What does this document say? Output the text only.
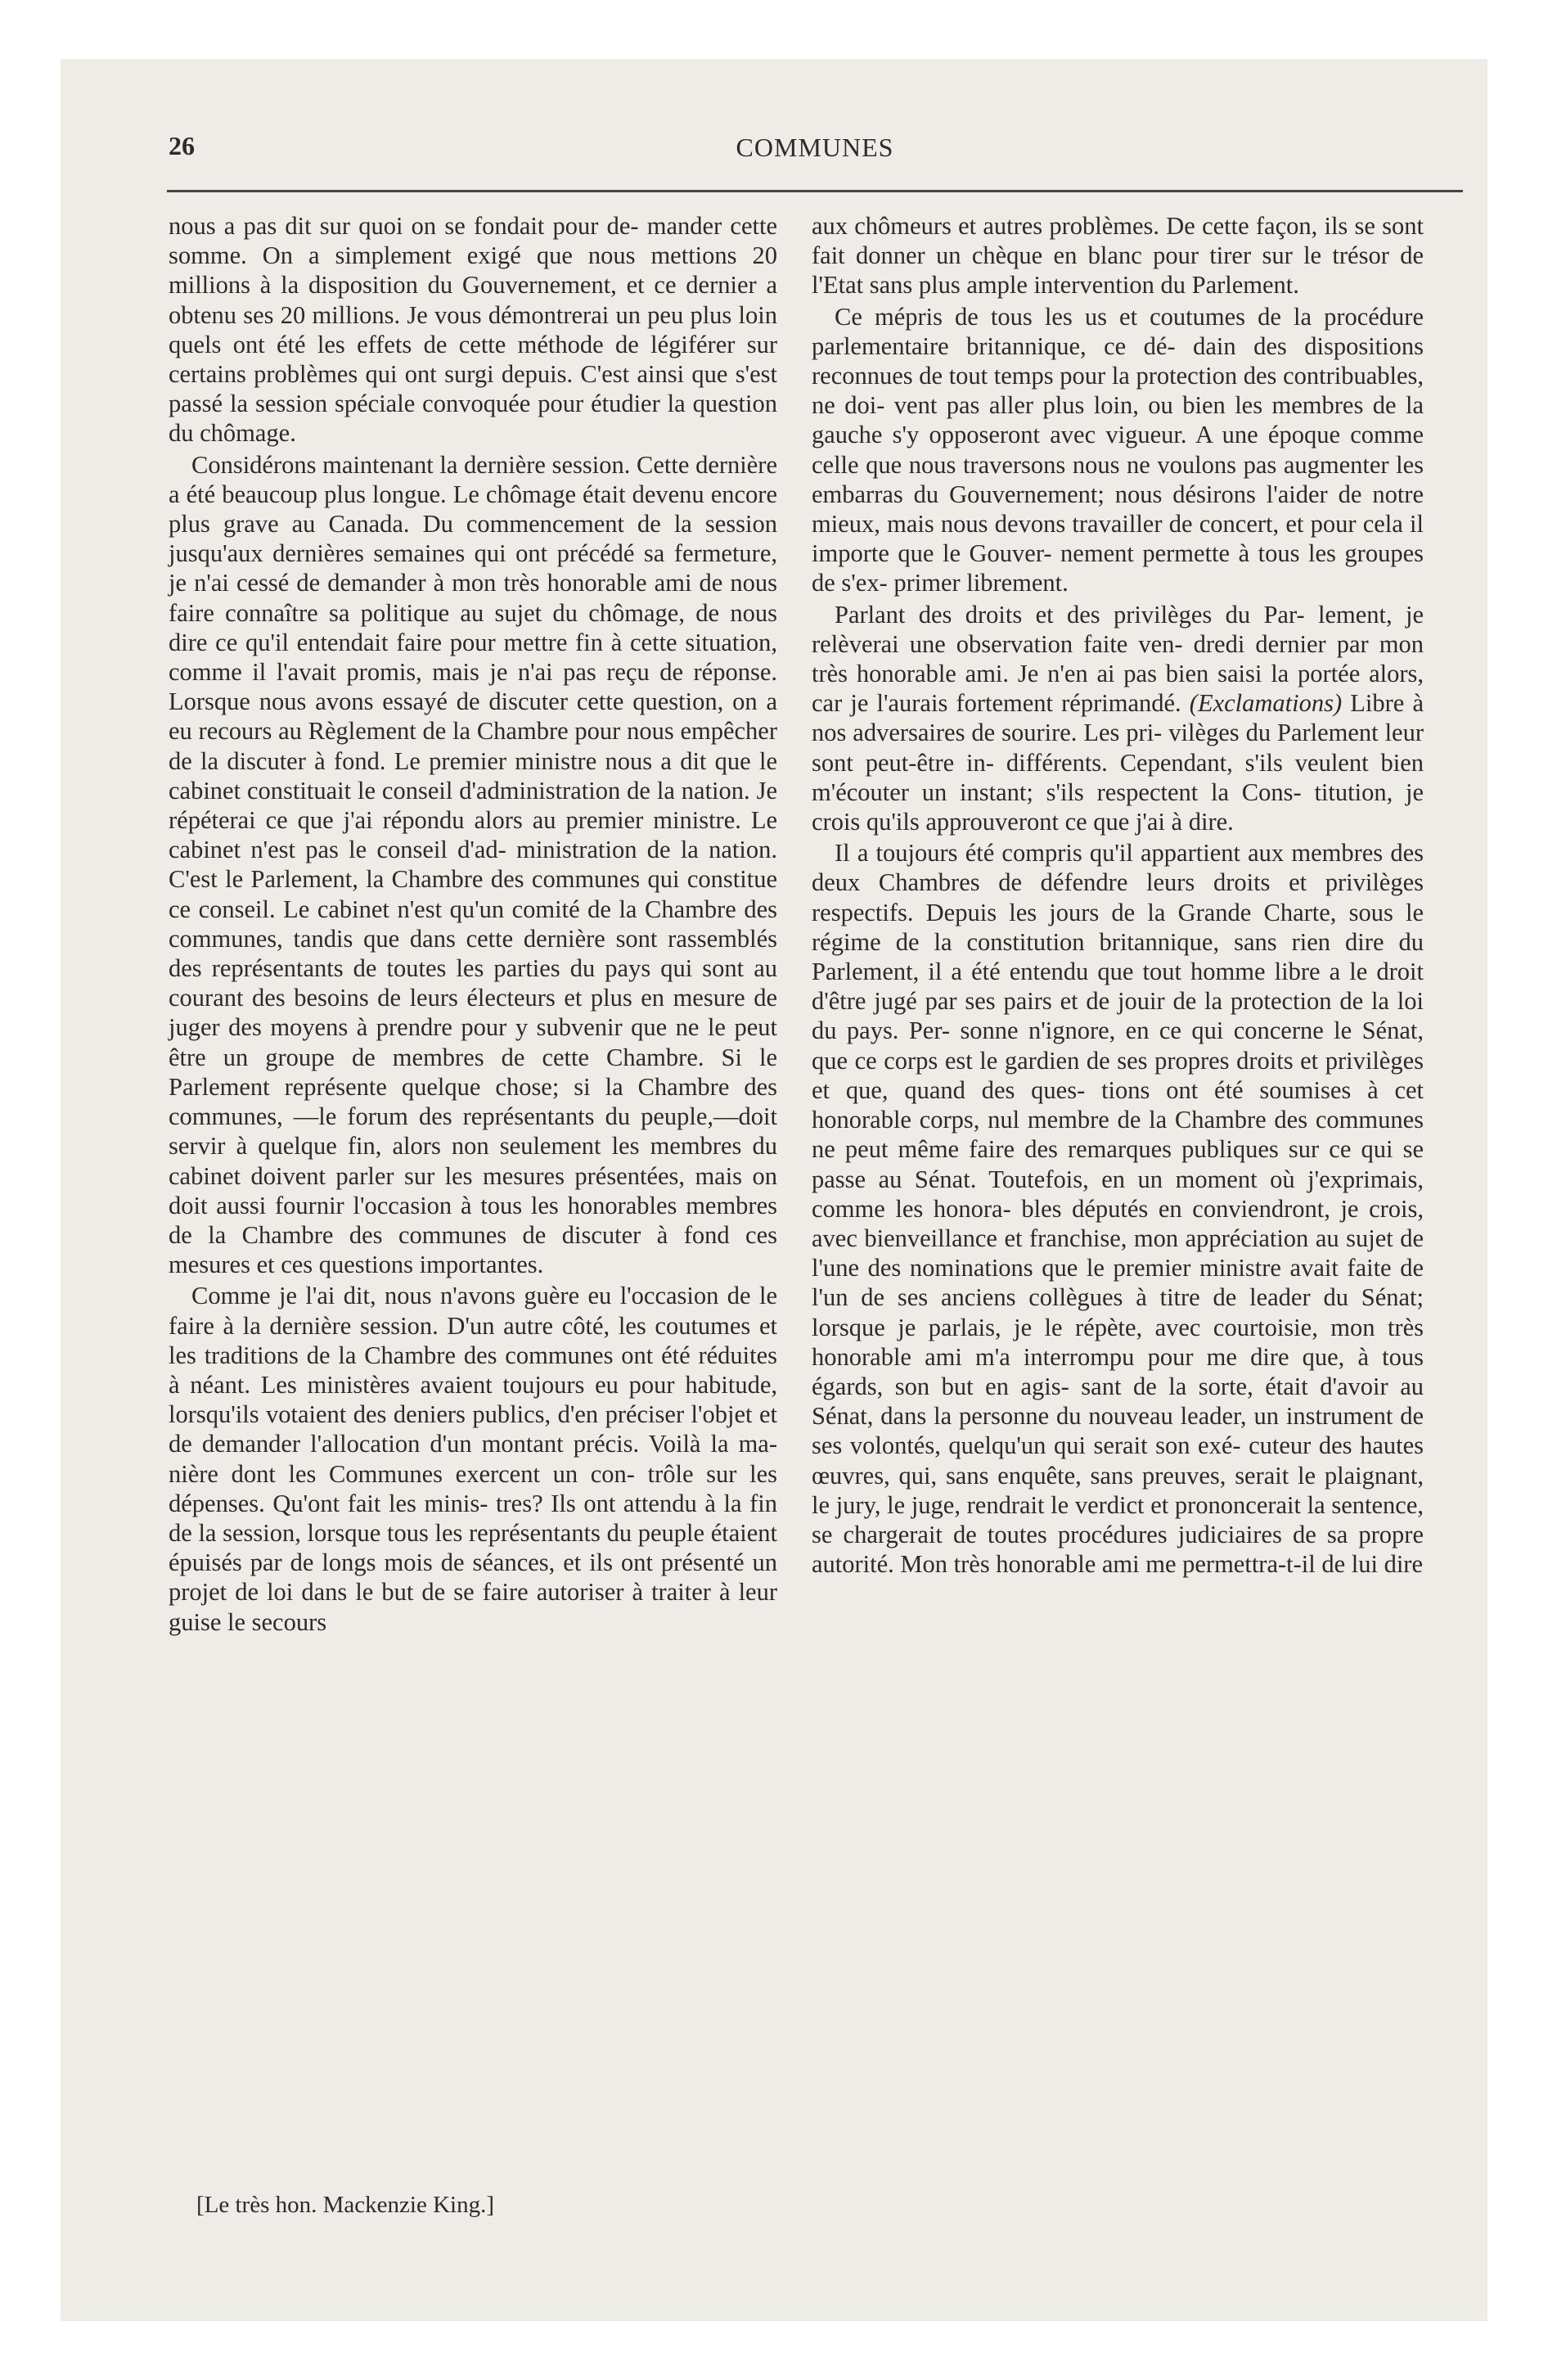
26	COMMUNES

nous a pas dit sur quoi on se fondait pour de- mander cette somme. On a simplement exigé que nous mettions 20 millions à la disposition du Gouvernement, et ce dernier a obtenu ses 20 millions. Je vous démontrerai un peu plus loin quels ont été les effets de cette méthode de légiférer sur certains problèmes qui ont surgi depuis. C'est ainsi que s'est passé la session spéciale convoquée pour étudier la question du chômage.

Considérons maintenant la dernière session. Cette dernière a été beaucoup plus longue. Le chômage était devenu encore plus grave au Canada. Du commencement de la session jusqu'aux dernières semaines qui ont précédé sa fermeture, je n'ai cessé de demander à mon très honorable ami de nous faire connaître sa politique au sujet du chômage, de nous dire ce qu'il entendait faire pour mettre fin à cette situation, comme il l'avait promis, mais je n'ai pas reçu de réponse. Lorsque nous avons essayé de discuter cette question, on a eu recours au Règlement de la Chambre pour nous empêcher de la discuter à fond. Le premier ministre nous a dit que le cabinet constituait le conseil d'administration de la nation. Je répéterai ce que j'ai répondu alors au premier ministre. Le cabinet n'est pas le conseil d'ad- ministration de la nation. C'est le Parlement, la Chambre des communes qui constitue ce conseil. Le cabinet n'est qu'un comité de la Chambre des communes, tandis que dans cette dernière sont rassemblés des représentants de toutes les parties du pays qui sont au courant des besoins de leurs électeurs et plus en mesure de juger des moyens à prendre pour y subvenir que ne le peut être un groupe de membres de cette Chambre. Si le Parlement représente quelque chose; si la Chambre des communes, —le forum des représentants du peuple,—doit servir à quelque fin, alors non seulement les membres du cabinet doivent parler sur les mesures présentées, mais on doit aussi fournir l'occasion à tous les honorables membres de la Chambre des communes de discuter à fond ces mesures et ces questions importantes.

Comme je l'ai dit, nous n'avons guère eu l'occasion de le faire à la dernière session. D'un autre côté, les coutumes et les traditions de la Chambre des communes ont été réduites à néant. Les ministères avaient toujours eu pour habitude, lorsqu'ils votaient des deniers publics, d'en préciser l'objet et de demander l'allocation d'un montant précis. Voilà la ma- nière dont les Communes exercent un con- trôle sur les dépenses. Qu'ont fait les minis- tres? Ils ont attendu à la fin de la session, lorsque tous les représentants du peuple étaient épuisés par de longs mois de séances, et ils ont présenté un projet de loi dans le but de se faire autoriser à traiter à leur guise le secours

aux chômeurs et autres problèmes. De cette façon, ils se sont fait donner un chèque en blanc pour tirer sur le trésor de l'Etat sans plus ample intervention du Parlement.

Ce mépris de tous les us et coutumes de la procédure parlementaire britannique, ce dé- dain des dispositions reconnues de tout temps pour la protection des contribuables, ne doi- vent pas aller plus loin, ou bien les membres de la gauche s'y opposeront avec vigueur. A une époque comme celle que nous traversons nous ne voulons pas augmenter les embarras du Gouvernement; nous désirons l'aider de notre mieux, mais nous devons travailler de concert, et pour cela il importe que le Gouver- nement permette à tous les groupes de s'ex- primer librement.

Parlant des droits et des privilèges du Par- lement, je relèverai une observation faite ven- dredi dernier par mon très honorable ami. Je n'en ai pas bien saisi la portée alors, car je l'aurais fortement réprimandé. (Exclamations) Libre à nos adversaires de sourire. Les pri- vilèges du Parlement leur sont peut-être in- différents. Cependant, s'ils veulent bien m'écouter un instant; s'ils respectent la Cons- titution, je crois qu'ils approuveront ce que j'ai à dire.

Il a toujours été compris qu'il appartient aux membres des deux Chambres de défendre leurs droits et privilèges respectifs. Depuis les jours de la Grande Charte, sous le régime de la constitution britannique, sans rien dire du Parlement, il a été entendu que tout homme libre a le droit d'être jugé par ses pairs et de jouir de la protection de la loi du pays. Per- sonne n'ignore, en ce qui concerne le Sénat, que ce corps est le gardien de ses propres droits et privilèges et que, quand des ques- tions ont été soumises à cet honorable corps, nul membre de la Chambre des communes ne peut même faire des remarques publiques sur ce qui se passe au Sénat. Toutefois, en un moment où j'exprimais, comme les honora- bles députés en conviendront, je crois, avec bienveillance et franchise, mon appréciation au sujet de l'une des nominations que le premier ministre avait faite de l'un de ses anciens collègues à titre de leader du Sénat; lorsque je parlais, je le répète, avec courtoisie, mon très honorable ami m'a interrompu pour me dire que, à tous égards, son but en agis- sant de la sorte, était d'avoir au Sénat, dans la personne du nouveau leader, un instrument de ses volontés, quelqu'un qui serait son exé- cuteur des hautes œuvres, qui, sans enquête, sans preuves, serait le plaignant, le jury, le juge, rendrait le verdict et prononcerait la sentence, se chargerait de toutes procédures judiciaires de sa propre autorité. Mon très honorable ami me permettra-t-il de lui dire

[Le très hon. Mackenzie King.]
